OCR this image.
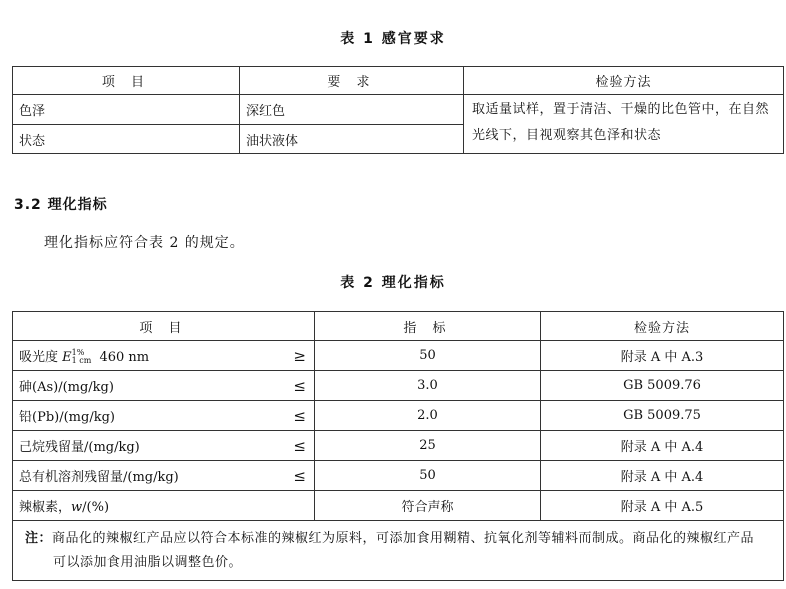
表 1 感官要求
项 目	要 求	检验方法
色泽	深红色	取适量试样，置于清洁、干燥的比色管中，在自然光线下，目视观察其色泽和状态
状态	油状液体	
3.2 理化指标
理化指标应符合表 2 的规定。
表 2 理化指标
项 目	指 标	检验方法

吸光度 E 1%
1 cm 460 nm ≥	50	附录 A 中 A.3

砷(As)/(mg/kg) ≤	3.0	GB 5009.76

铅(Pb)/(mg/kg) ≤	2.0	GB 5009.75

己烷残留量/(mg/kg) ≤	25	附录 A 中 A.4

总有机溶剂残留量/(mg/kg) ≤	50	附录 A 中 A.4
辣椒素，w/(%)	符合声称	附录 A 中 A.5
注：商品化的辣椒红产品应以符合本标准的辣椒红为原料，可添加食用糊精、抗氧化剂等辅料而制成。商品化的辣椒红产品可以添加食用油脂以调整色价。		
